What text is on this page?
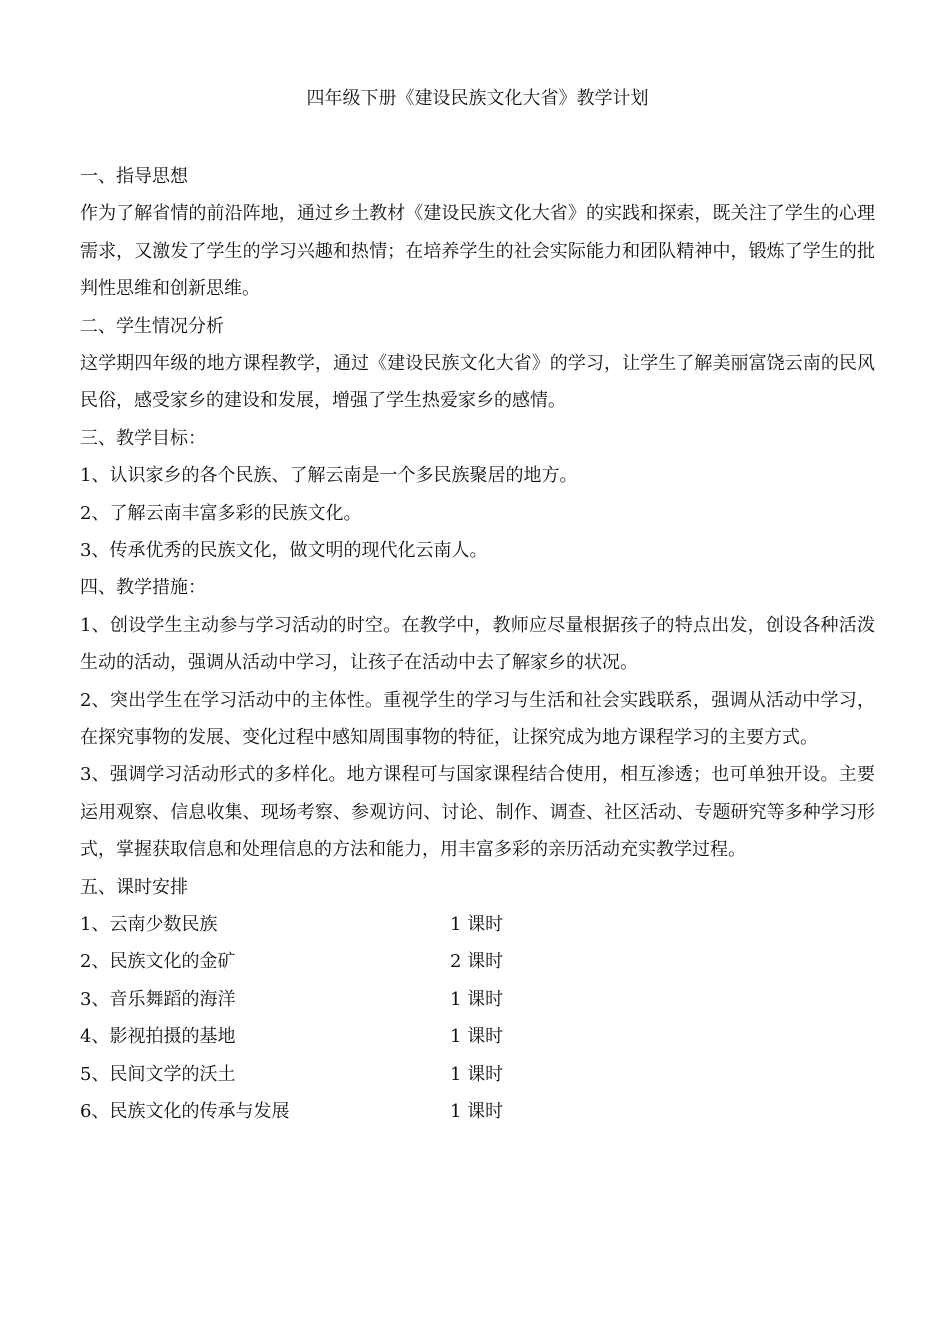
四年级下册《建设民族文化大省》教学计划
一、指导思想

作为了解省情的前沿阵地，通过乡土教材《建设民族文化大省》的实践和探索，既关注了学生的心理需求，又激发了学生的学习兴趣和热情；在培养学生的社会实际能力和团队精神中，锻炼了学生的批判性思维和创新思维。

二、学生情况分析

这学期四年级的地方课程教学，通过《建设民族文化大省》的学习，让学生了解美丽富饶云南的民风民俗，感受家乡的建设和发展，增强了学生热爱家乡的感情。

三、教学目标：
1、认识家乡的各个民族、了解云南是一个多民族聚居的地方。
2、了解云南丰富多彩的民族文化。
3、传承优秀的民族文化，做文明的现代化云南人。
四、教学措施：

1、创设学生主动参与学习活动的时空。在教学中，教师应尽量根据孩子的特点出发，创设各种活泼生动的活动，强调从活动中学习，让孩子在活动中去了解家乡的状况。

2、突出学生在学习活动中的主体性。重视学生的学习与生活和社会实践联系，强调从活动中学习，在探究事物的发展、变化过程中感知周围事物的特征，让探究成为地方课程学习的主要方式。

3、强调学习活动形式的多样化。地方课程可与国家课程结合使用，相互渗透；也可单独开设。主要运用观察、信息收集、现场考察、参观访问、讨论、制作、调查、社区活动、专题研究等多种学习形式，掌握获取信息和处理信息的方法和能力，用丰富多彩的亲历活动充实教学过程。

五、课时安排
1、云南少数民族	1 课时
2、民族文化的金矿	2 课时
3、音乐舞蹈的海洋	1 课时
4、影视拍摄的基地	1 课时
5、民间文学的沃土	1 课时
6、民族文化的传承与发展	1 课时
